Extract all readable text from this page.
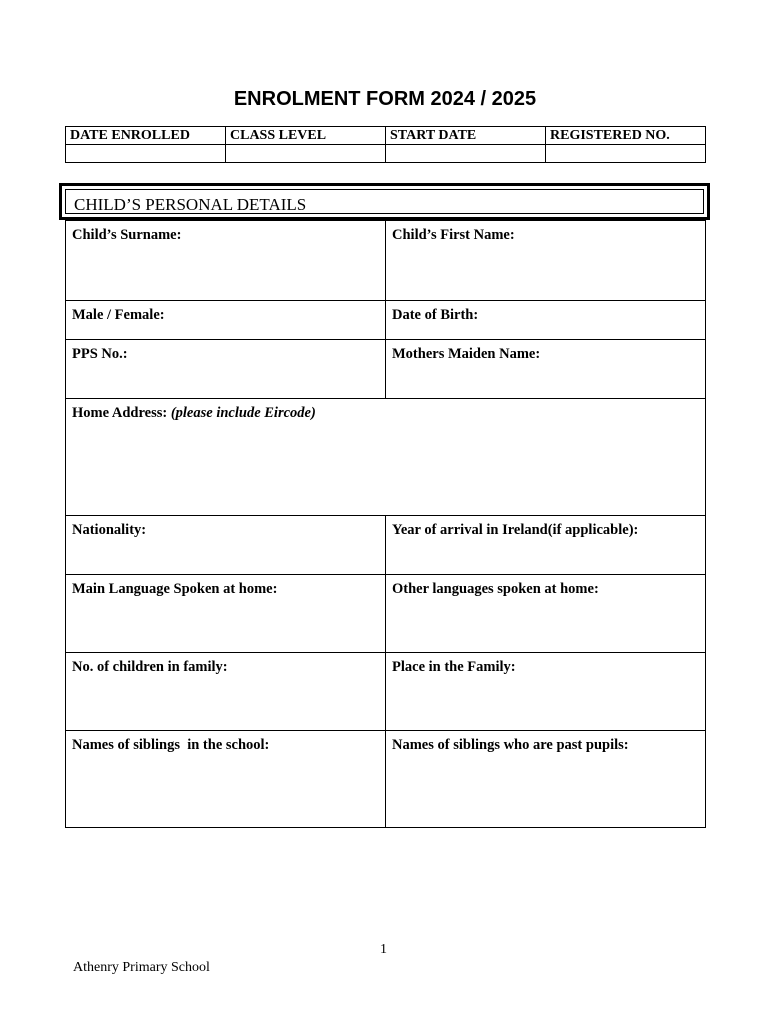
ENROLMENT FORM 2024 / 2025
DATE ENROLLED	CLASS LEVEL	START DATE	REGISTERED NO.

CHILD’S PERSONAL DETAILS
Child’s Surname:	Child’s First Name:
Male / Female:	Date of Birth:
PPS No.:	Mothers Maiden Name:
Home Address: (please include Eircode)	
Nationality:	Year of arrival in Ireland(if applicable):
Main Language Spoken at home:	Other languages spoken at home:
No. of children in family:	Place in the Family:
Names of siblings  in the school:	Names of siblings who are past pupils:
1
Athenry Primary School
